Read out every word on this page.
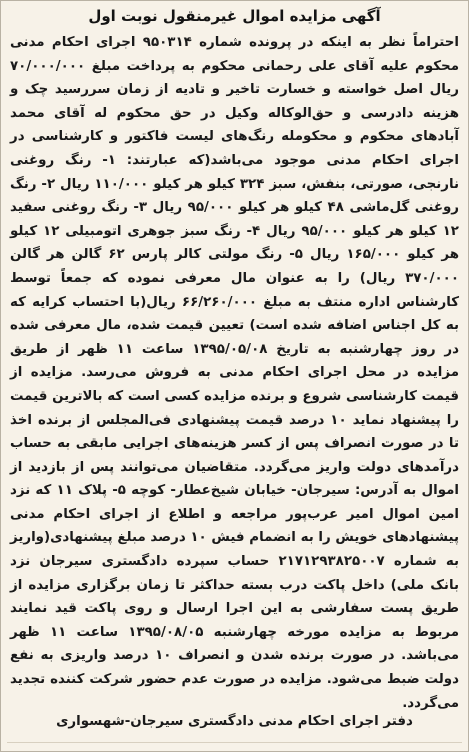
آگهی مزایده اموال غیرمنقول نوبت اول
احتراماً نظر به اینکه در پرونده شماره ۹۵۰۳۱۴ اجرای احکام مدنی محکوم علیه آقای علی رحمانی محکوم به پرداخت مبلغ ۷۰/۰۰۰/۰۰۰ ریال اصل خواسته و خسارت تاخیر و تادیه از زمان سررسید چک و هزینه دادرسی و حق‌الوکاله وکیل در حق محکوم له آقای محمد آبادهای محکوم و محکومله رنگ‌های لیست فاکتور و کارشناسی در اجرای احکام مدنی موجود می‌باشد(که عبارتند: ۱- رنگ روغنی نارنجی، صورتی، بنفش، سبز ۳۲۴ کیلو هر کیلو ۱۱۰/۰۰۰ ریال ۲- رنگ روغنی گل‌ماشی ۴۸ کیلو هر کیلو ۹۵/۰۰۰ ریال ۳- رنگ روغنی سفید ۱۲ کیلو هر کیلو ۹۵/۰۰۰ ریال ۴- رنگ سبز جوهری اتومبیلی ۱۲ کیلو هر کیلو ۱۶۵/۰۰۰ ریال ۵- رنگ مولتی کالر پارس ۶۲ گالن هر گالن ۳۷۰/۰۰۰ ریال) را به عنوان مال معرفی نموده که جمعاً توسط کارشناس اداره منتف به مبلغ ۶۶/۲۶۰/۰۰۰ ریال(با احتساب کرایه که به کل اجناس اضافه شده است) تعیین قیمت شده، مال معرفی شده در روز چهارشنبه به تاریخ ۱۳۹۵/۰۵/۰۸ ساعت ۱۱ ظهر از طریق مزایده در محل اجرای احکام مدنی به فروش می‌رسد. مزایده از قیمت کارشناسی شروع و برنده مزایده کسی است که بالاترین قیمت را پیشنهاد نماید ۱۰ درصد قیمت پیشنهادی فی‌المجلس از برنده اخذ تا در صورت انصراف پس از کسر هزینه‌های اجرایی مابقی به حساب درآمدهای دولت واریز می‌گردد. متقاضیان می‌توانند پس از بازدید از اموال به آدرس: سیرجان- خیابان شیخ‌عطار- کوچه ۵- پلاک ۱۱ که نزد امین اموال امیر عرب‌پور مراجعه و اطلاع از اجرای احکام مدنی پیشنهادهای خویش را به انضمام فیش ۱۰ درصد مبلغ پیشنهادی(واریز به شماره ۲۱۷۱۲۹۳۸۲۵۰۰۷ حساب سپرده دادگستری سیرجان نزد بانک ملی) داخل پاکت درب بسته حداکثر تا زمان برگزاری مزایده از طریق پست سفارشی به این اجرا ارسال و روی پاکت قید نمایند مربوط به مزایده مورخه چهارشنبه ۱۳۹۵/۰۸/۰۵ ساعت ۱۱ ظهر می‌باشد. در صورت برنده شدن و انصراف ۱۰ درصد واریزی به نفع دولت ضبط می‌شود. مزایده در صورت عدم حضور شرکت کننده تجدید می‌گردد.
دفتر اجرای احکام مدنی دادگستری سیرجان-شهسواری
